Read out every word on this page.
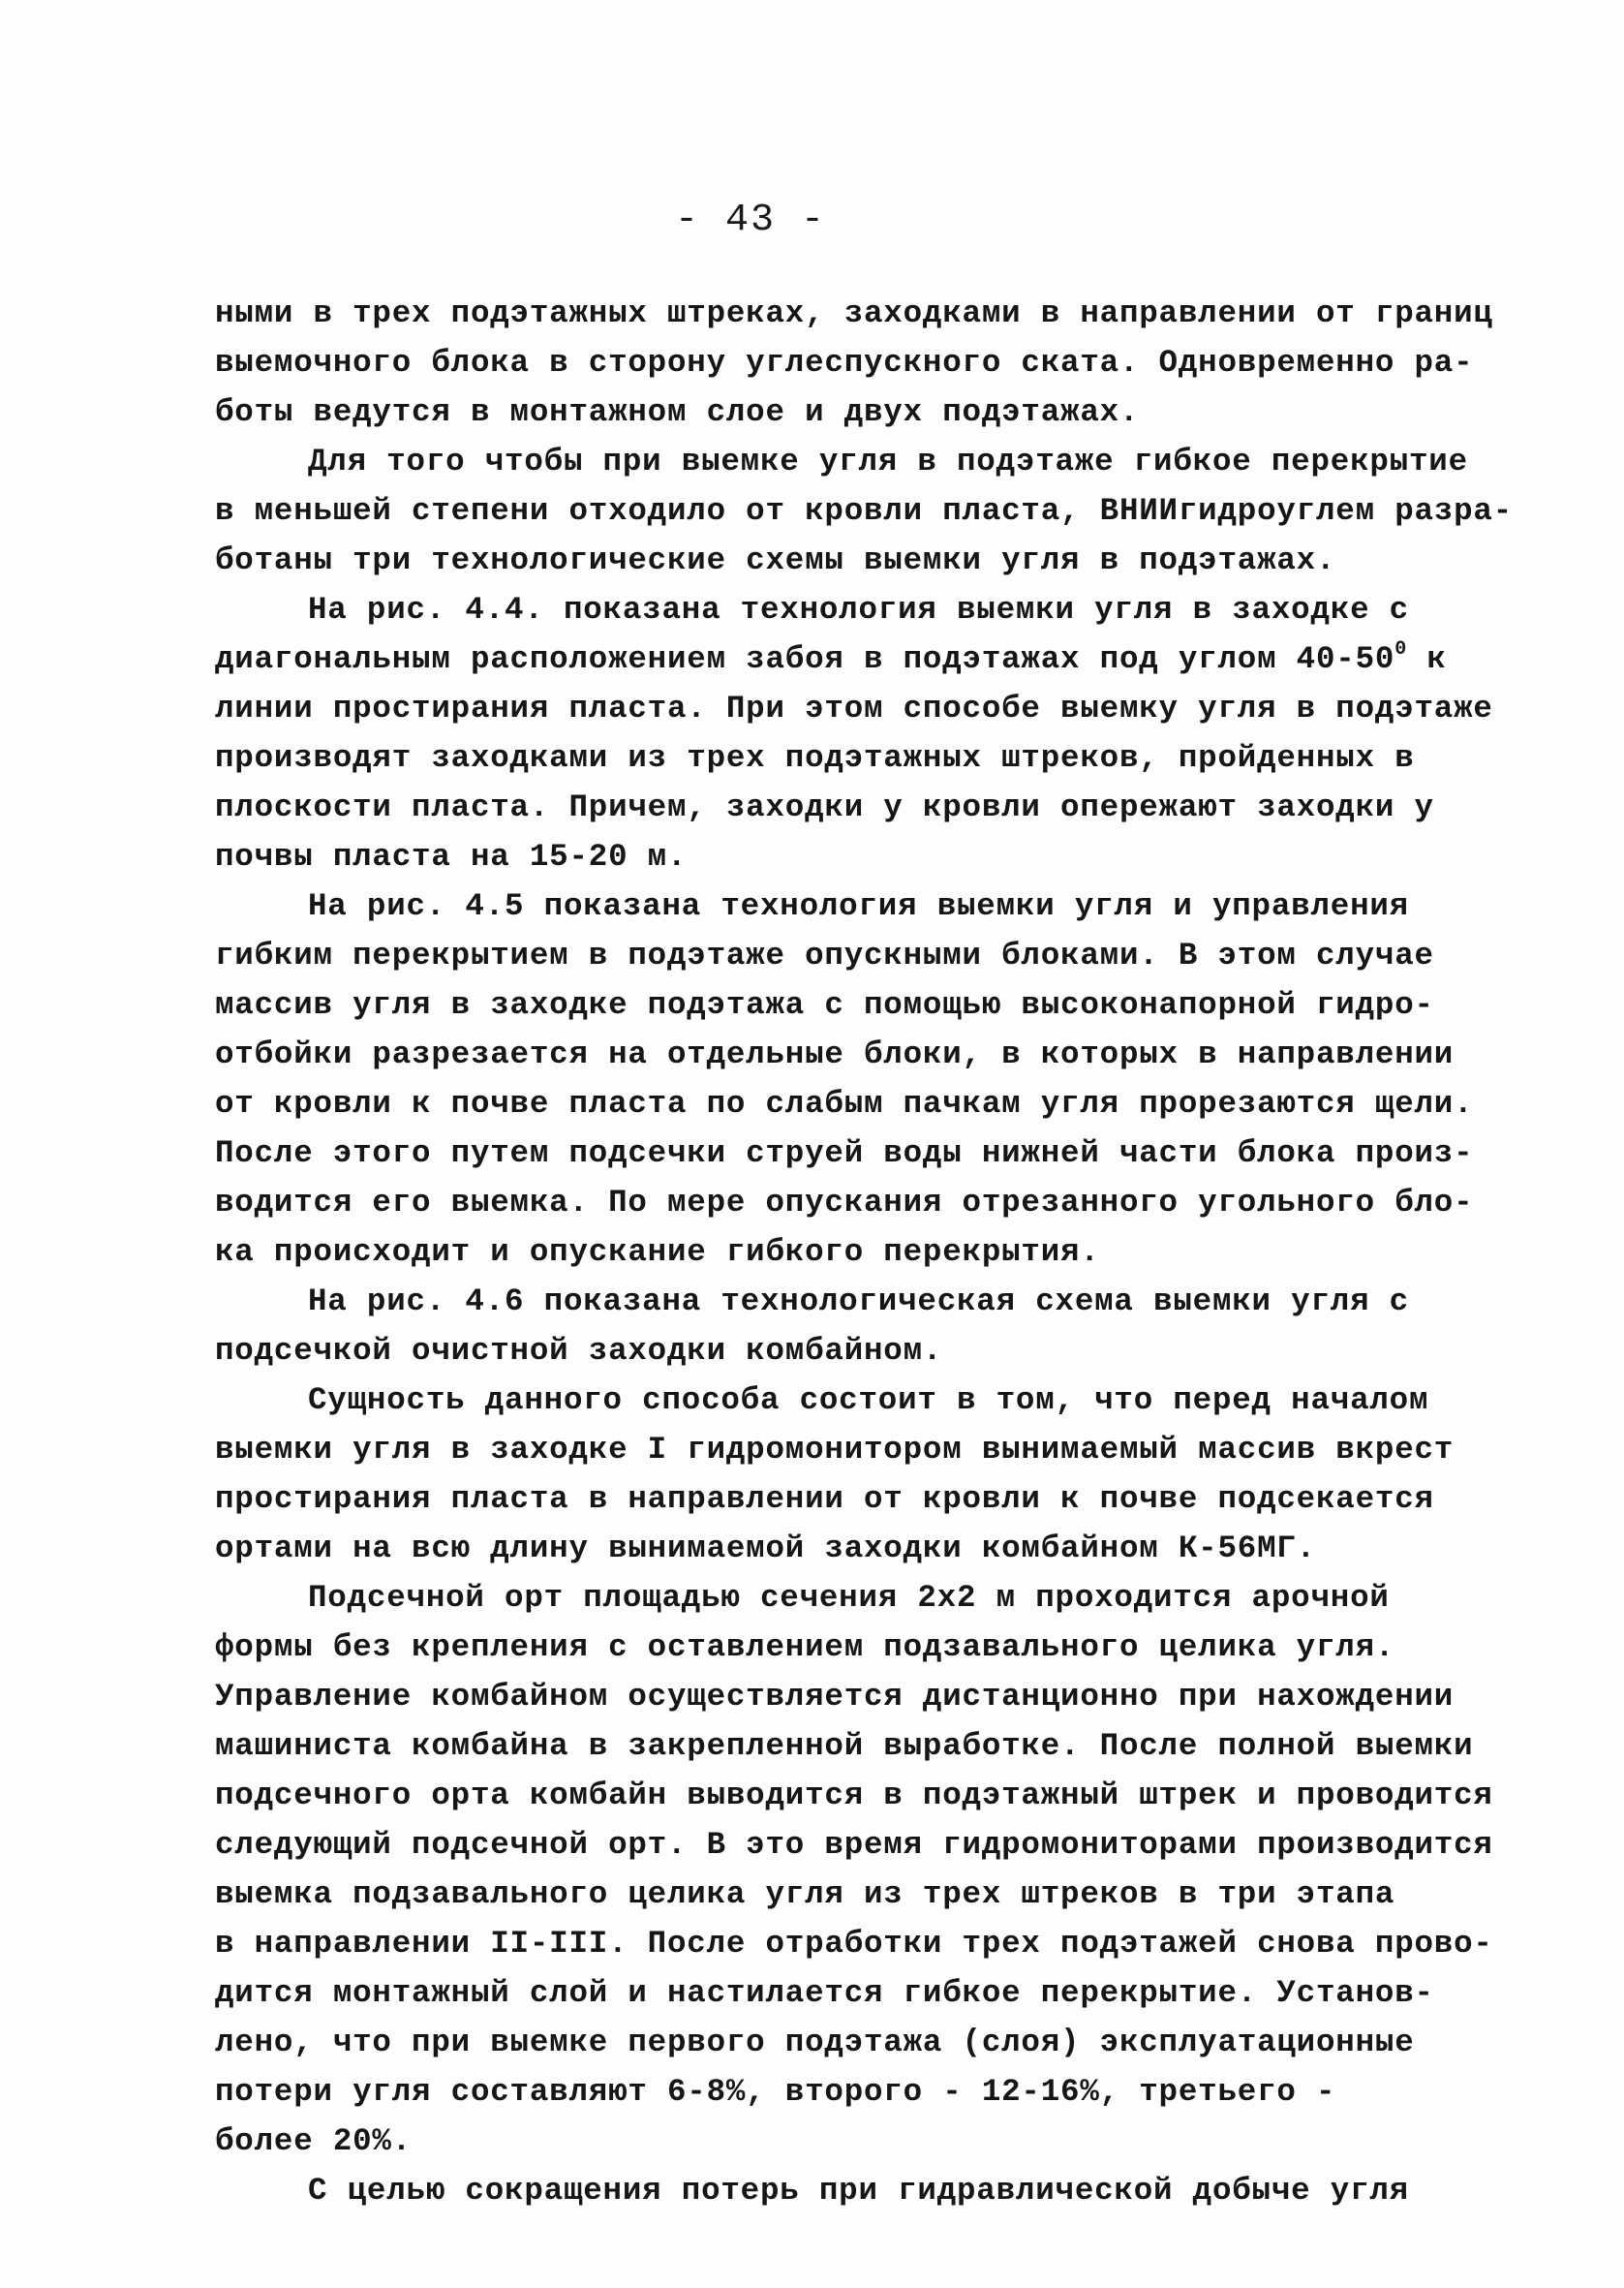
- 43 -
ными в трех подэтажных штреках, заходками в направлении от границ
выемочного блока в сторону углеспускного ската. Одновременно ра-
боты ведутся в монтажном слое и двух подэтажах.
Для того чтобы при выемке угля в подэтаже гибкое перекрытие
в меньшей степени отходило от кровли пласта, ВНИИгидроуглем разра-
ботаны три технологические схемы выемки угля в подэтажах.
На рис. 4.4. показана технология выемки угля в заходке с
диагональным расположением забоя в подэтажах под углом $40-50^0$ к
линии простирания пласта. При этом способе выемку угля в подэтаже
производят заходками из трех подэтажных штреков, пройденных в
плоскости пласта. Причем, заходки у кровли опережают заходки у
почвы пласта на 15-20 м.
На рис. 4.5 показана технология выемки угля и управления
гибким перекрытием в подэтаже опускными блоками. В этом случае
массив угля в заходке подэтажа с помощью высоконапорной гидро-
отбойки разрезается на отдельные блоки, в которых в направлении
от кровли к почве пласта по слабым пачкам угля прорезаются щели.
После этого путем подсечки струей воды нижней части блока произ-
водится его выемка. По мере опускания отрезанного угольного бло-
ка происходит и опускание гибкого перекрытия.
На рис. 4.6 показана технологическая схема выемки угля с
подсечкой очистной заходки комбайном.
Сущность данного способа состоит в том, что перед началом
выемки угля в заходке I гидромонитором вынимаемый массив вкрест
простирания пласта в направлении от кровли к почве подсекается
ортами на всю длину вынимаемой заходки комбайном К-56МГ.
Подсечной орт площадью сечения 2х2 м проходится арочной
формы без крепления с оставлением подзавального целика угля.
Управление комбайном осуществляется дистанционно при нахождении
машиниста комбайна в закрепленной выработке. После полной выемки
подсечного орта комбайн выводится в подэтажный штрек и проводится
следующий подсечной орт. В это время гидромониторами производится
выемка подзавального целика угля из трех штреков в три этапа
в направлении II-III. После отработки трех подэтажей снова прово-
дится монтажный слой и настилается гибкое перекрытие. Установ-
лено, что при выемке первого подэтажа (слоя) эксплуатационные
потери угля составляют 6-8%, второго - 12-16%, третьего -
более 20%.
С целью сокращения потерь при гидравлической добыче угля
